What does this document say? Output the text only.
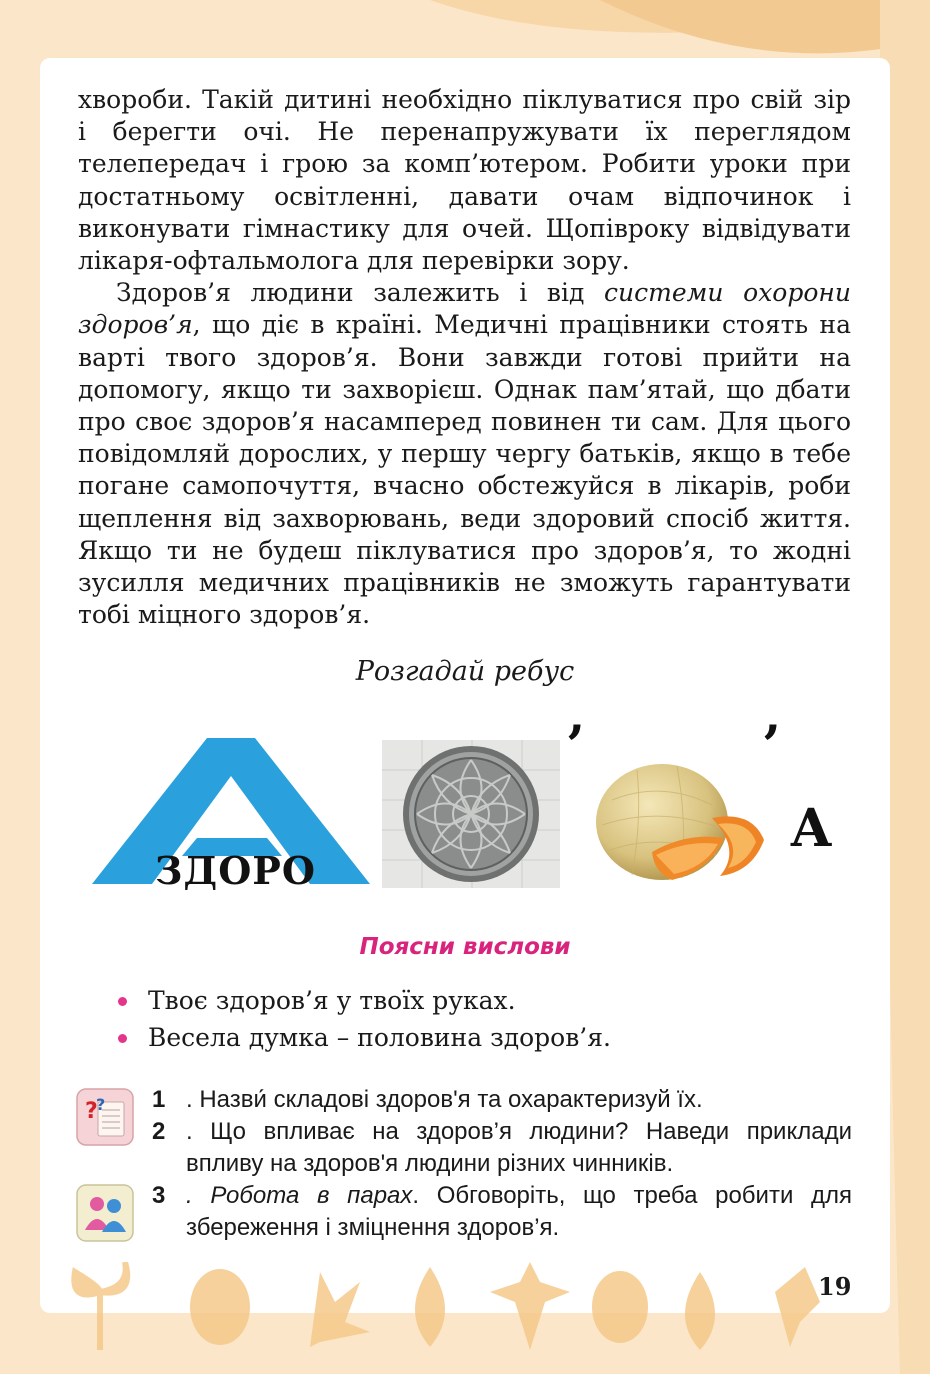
хвороби. Такій дитині необхідно піклуватися про свій зір і берегти очі. Не перенапружувати їх переглядом телепередач і грою за комп’ютером. Робити уроки при достатньому освітленні, давати очам відпочинок і виконувати гімнастику для очей. Щопівроку відвідувати лікаря-офтальмолога для перевірки зору.

Здоров’я людини залежить і від системи охорони здоров’я, що діє в країні. Медичні працівники стоять на варті твого здоров’я. Вони завжди готові прийти на допомогу, якщо ти захворієш. Однак пам’ятай, що дбати про своє здоров’я насамперед повинен ти сам. Для цього повідомляй дорослих, у першу чергу батьків, якщо в тебе погане самопочуття, вчасно обстежуйся в лікарів, роби щеплення від захворювань, веди здоровий спосіб життя. Якщо ти не будеш піклуватися про здоров’я, то жодні зусилля медичних працівників не зможуть гарантувати тобі міцного здоров’я.

Розгадай ребус
ЗДОРО
’	’
А
Поясни вислови
Твоє здоров’я у твоїх руках.
Весела думка – половина здоров’я.
?
? 1 . Назви́ складові здоров'я та охарактеризуй їх.
2 . Що впливає на здоров’я людини? Наведи приклади впливу на здоров'я людини різних чинників.
3 . Робота в парах. Обговоріть, що треба робити для збереження і зміцнення здоров’я.
19
